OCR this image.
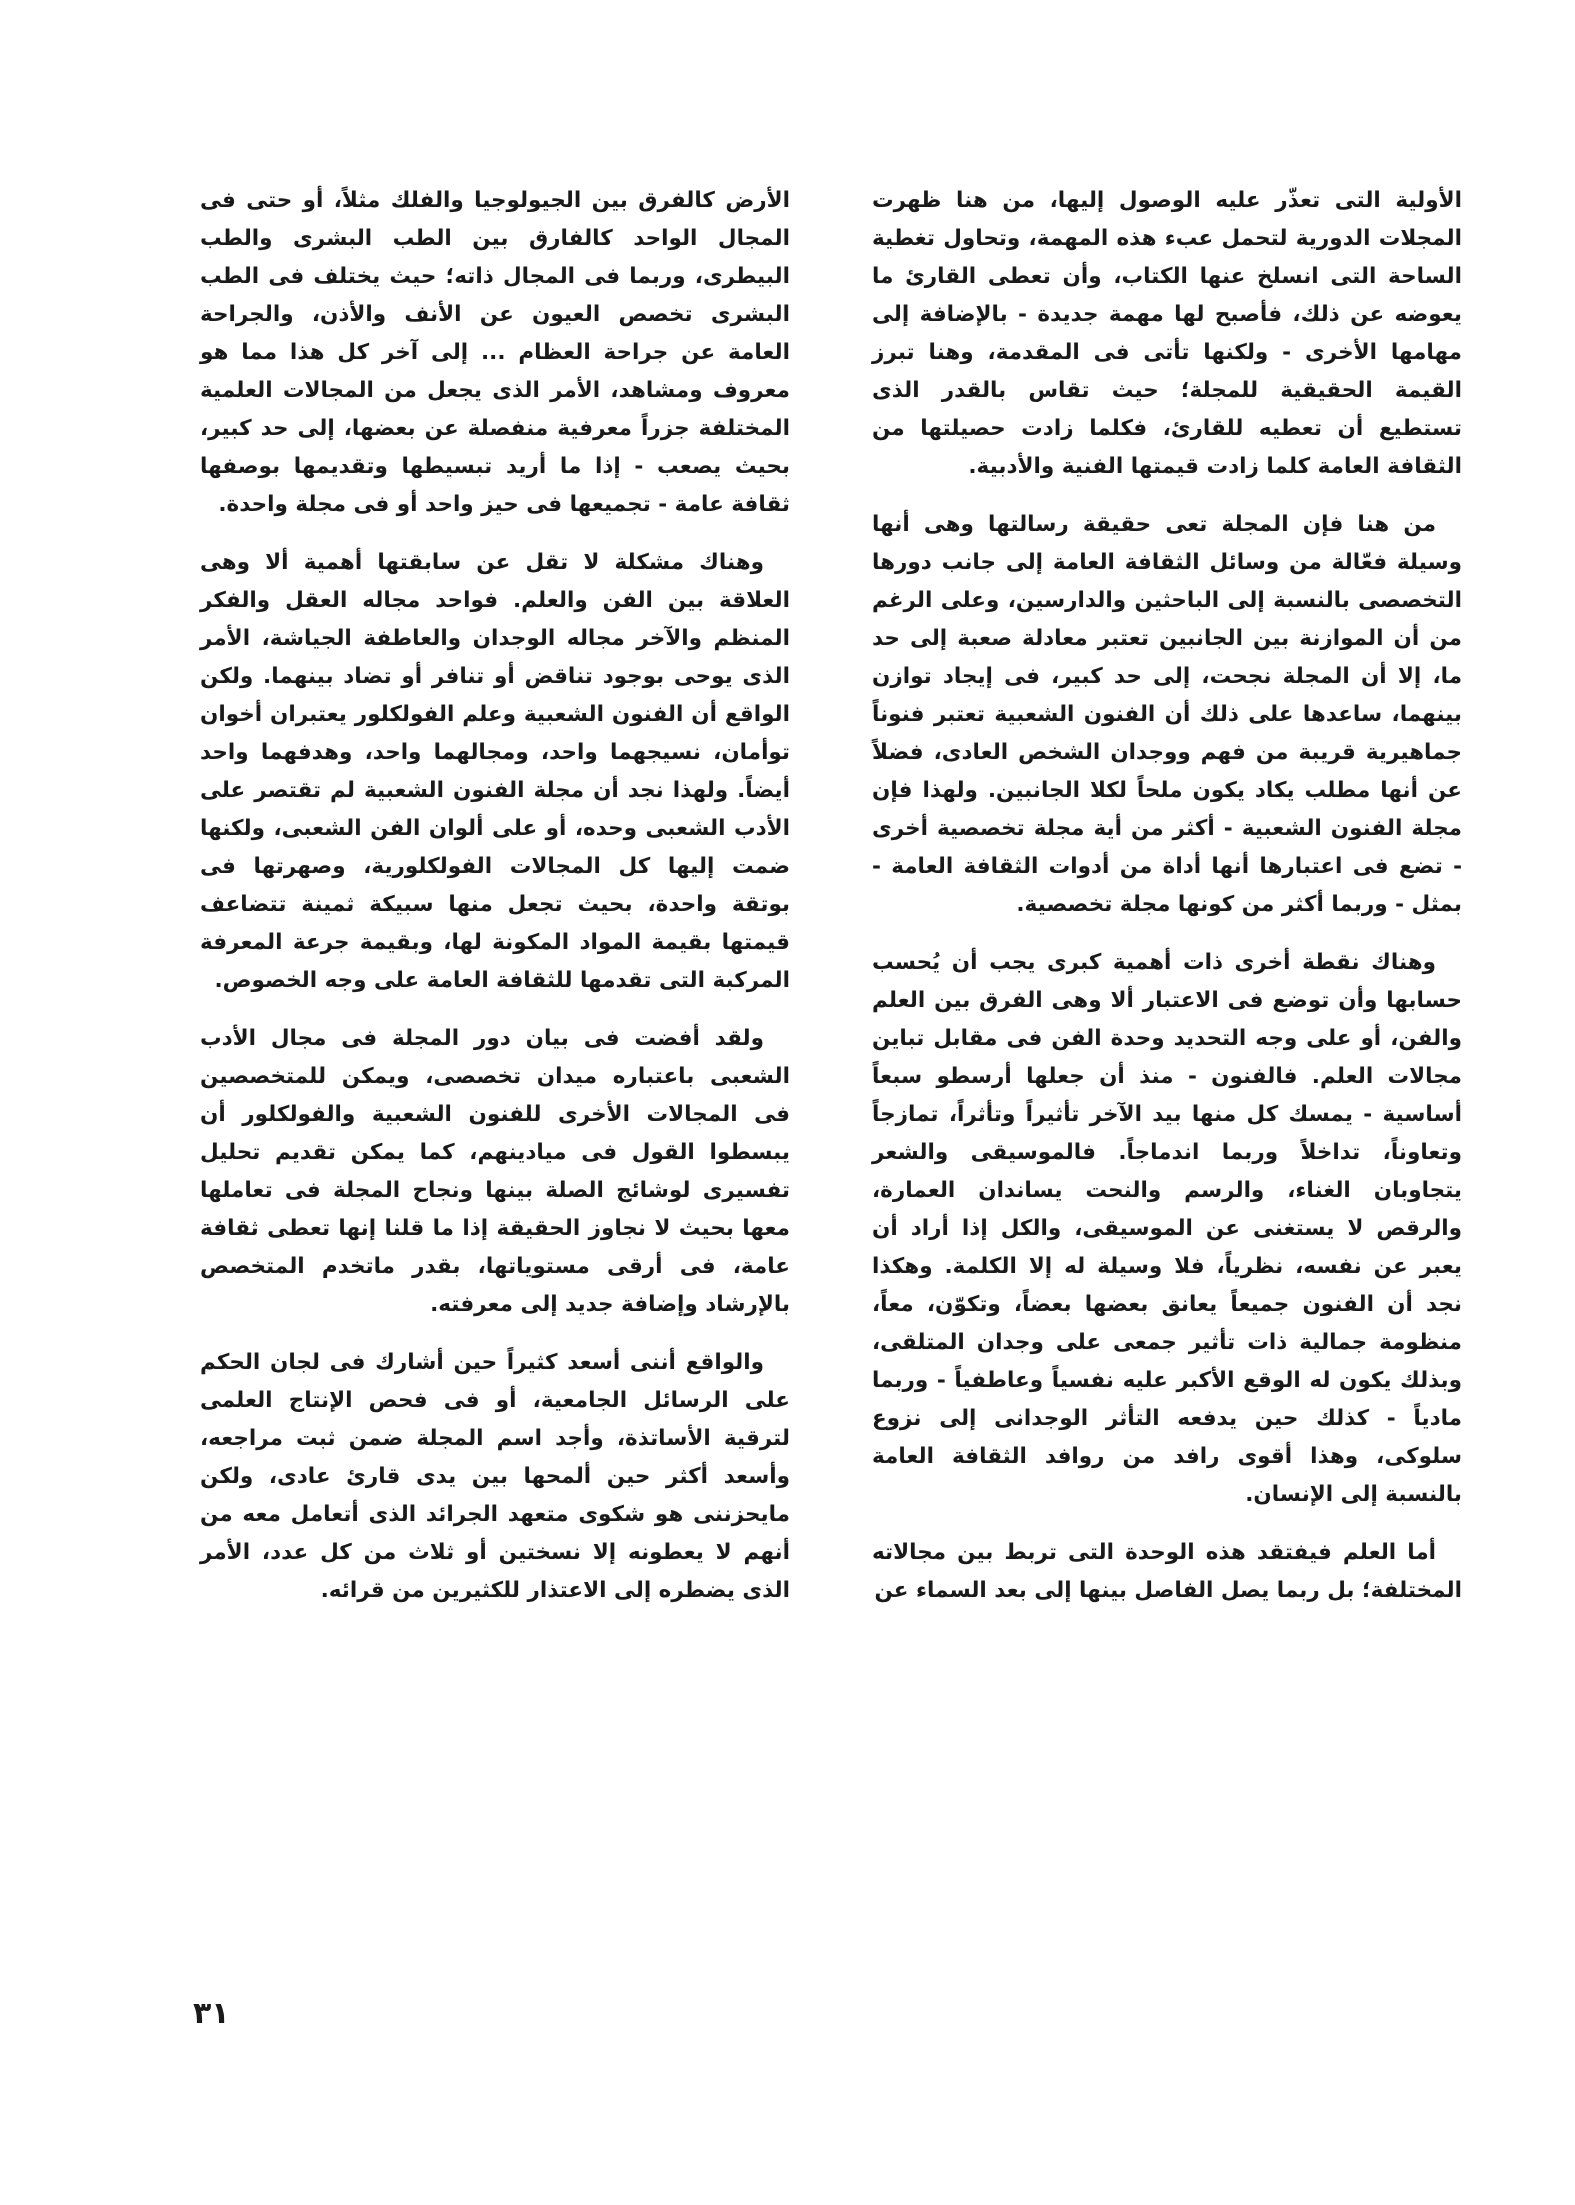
الأولية التى تعذّر عليه الوصول إليها، من هنا ظهرت المجلات الدورية لتحمل عبء هذه المهمة، وتحاول تغطية الساحة التى انسلخ عنها الكتاب، وأن تعطى القارئ ما يعوضه عن ذلك، فأصبح لها مهمة جديدة - بالإضافة إلى مهامها الأخرى - ولكنها تأتى فى المقدمة، وهنا تبرز القيمة الحقيقية للمجلة؛ حيث تقاس بالقدر الذى تستطيع أن تعطيه للقارئ، فكلما زادت حصيلتها من الثقافة العامة كلما زادت قيمتها الفنية والأدبية.

من هنا فإن المجلة تعى حقيقة رسالتها وهى أنها وسيلة فعّالة من وسائل الثقافة العامة إلى جانب دورها التخصصى بالنسبة إلى الباحثين والدارسين، وعلى الرغم من أن الموازنة بين الجانبين تعتبر معادلة صعبة إلى حد ما، إلا أن المجلة نجحت، إلى حد كبير، فى إيجاد توازن بينهما، ساعدها على ذلك أن الفنون الشعبية تعتبر فنوناً جماهيرية قريبة من فهم ووجدان الشخص العادى، فضلاً عن أنها مطلب يكاد يكون ملحاً لكلا الجانبين. ولهذا فإن مجلة الفنون الشعبية - أكثر من أية مجلة تخصصية أخرى - تضع فى اعتبارها أنها أداة من أدوات الثقافة العامة - بمثل - وربما أكثر من كونها مجلة تخصصية.

وهناك نقطة أخرى ذات أهمية كبرى يجب أن يُحسب حسابها وأن توضع فى الاعتبار ألا وهى الفرق بين العلم والفن، أو على وجه التحديد وحدة الفن فى مقابل تباين مجالات العلم. فالفنون - منذ أن جعلها أرسطو سبعاً أساسية - يمسك كل منها بيد الآخر تأثيراً وتأثراً، تمازجاً وتعاوناً، تداخلاً وربما اندماجاً. فالموسيقى والشعر يتجاوبان الغناء، والرسم والنحت يساندان العمارة، والرقص لا يستغنى عن الموسيقى، والكل إذا أراد أن يعبر عن نفسه، نظرياً، فلا وسيلة له إلا الكلمة. وهكذا نجد أن الفنون جميعاً يعانق بعضها بعضاً، وتكوّن، معاً، منظومة جمالية ذات تأثير جمعى على وجدان المتلقى، وبذلك يكون له الوقع الأكبر عليه نفسياً وعاطفياً - وربما مادياً - كذلك حين يدفعه التأثر الوجدانى إلى نزوع سلوكى، وهذا أقوى رافد من روافد الثقافة العامة بالنسبة إلى الإنسان.

أما العلم فيفتقد هذه الوحدة التى تربط بين مجالاته المختلفة؛ بل ربما يصل الفاصل بينها إلى بعد السماء عن

الأرض كالفرق بين الجيولوجيا والفلك مثلاً، أو حتى فى المجال الواحد كالفارق بين الطب البشرى والطب البيطرى، وربما فى المجال ذاته؛ حيث يختلف فى الطب البشرى تخصص العيون عن الأنف والأذن، والجراحة العامة عن جراحة العظام ... إلى آخر كل هذا مما هو معروف ومشاهد، الأمر الذى يجعل من المجالات العلمية المختلفة جزراً معرفية منفصلة عن بعضها، إلى حد كبير، بحيث يصعب - إذا ما أريد تبسيطها وتقديمها بوصفها ثقافة عامة - تجميعها فى حيز واحد أو فى مجلة واحدة.

وهناك مشكلة لا تقل عن سابقتها أهمية ألا وهى العلاقة بين الفن والعلم. فواحد مجاله العقل والفكر المنظم والآخر مجاله الوجدان والعاطفة الجياشة، الأمر الذى يوحى بوجود تناقض أو تنافر أو تضاد بينهما. ولكن الواقع أن الفنون الشعبية وعلم الفولكلور يعتبران أخوان توأمان، نسيجهما واحد، ومجالهما واحد، وهدفهما واحد أيضاً. ولهذا نجد أن مجلة الفنون الشعبية لم تقتصر على الأدب الشعبى وحده، أو على ألوان الفن الشعبى، ولكنها ضمت إليها كل المجالات الفولكلورية، وصهرتها فى بوتقة واحدة، بحيث تجعل منها سبيكة ثمينة تتضاعف قيمتها بقيمة المواد المكونة لها، وبقيمة جرعة المعرفة المركبة التى تقدمها للثقافة العامة على وجه الخصوص.

ولقد أفضت فى بيان دور المجلة فى مجال الأدب الشعبى باعتباره ميدان تخصصى، ويمكن للمتخصصين فى المجالات الأخرى للفنون الشعبية والفولكلور أن يبسطوا القول فى ميادينهم، كما يمكن تقديم تحليل تفسيرى لوشائج الصلة بينها ونجاح المجلة فى تعاملها معها بحيث لا نجاوز الحقيقة إذا ما قلنا إنها تعطى ثقافة عامة، فى أرقى مستوياتها، بقدر ماتخدم المتخصص بالإرشاد وإضافة جديد إلى معرفته.

والواقع أننى أسعد كثيراً حين أشارك فى لجان الحكم على الرسائل الجامعية، أو فى فحص الإنتاج العلمى لترقية الأساتذة، وأجد اسم المجلة ضمن ثبت مراجعه، وأسعد أكثر حين ألمحها بين يدى قارئ عادى، ولكن مايحزننى هو شكوى متعهد الجرائد الذى أتعامل معه من أنهم لا يعطونه إلا نسختين أو ثلاث من كل عدد، الأمر الذى يضطره إلى الاعتذار للكثيرين من قرائه.

٣١
